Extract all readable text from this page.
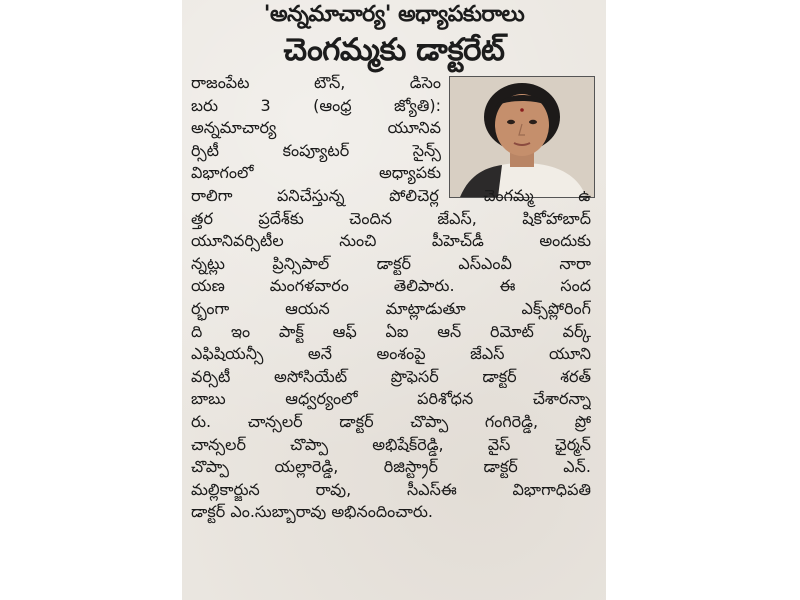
'అన్నమాచార్య' అధ్యాపకురాలు
చెంగమ్మకు డాక్టరేట్
రాజంపేట టౌన్, డిసెం
బరు 3 (ఆంధ్ర జ్యోతి):
అన్నమాచార్య యూనివ
ర్సిటీ కంప్యూటర్ సైన్స్
విభాగంలో అధ్యాపకు
రాలిగా పనిచేస్తున్న పోలిచెర్ల చెంగమ్మ ఉ
త్తర ప్రదేశ్‌కు చెందిన జేఎస్, షికోహాబాద్
యూనివర్సిటీల నుంచి పీహెచ్‌డీ అందుకు
న్నట్లు ప్రిన్సిపాల్ డాక్టర్ ఎస్ఎంవీ నారా
యణ మంగళవారం తెలిపారు. ఈ సంద
ర్భంగా ఆయన మాట్లాడుతూ ఎక్స్‌ప్లోరింగ్
ది ఇం పాక్ట్ ఆఫ్ ఏఐ ఆన్ రిమోట్ వర్క్
ఎఫిషియన్సీ అనే అంశంపై జేఎస్ యూని
వర్సిటీ అసోసియేట్ ప్రొఫెసర్ డాక్టర్ శరత్
బాబు ఆధ్వర్యంలో పరిశోధన చేశారన్నా
రు. చాన్సలర్ డాక్టర్ చొప్పా గంగిరెడ్డి, ప్రో
చాన్సలర్ చొప్పా అభిషేక్‌రెడ్డి, వైస్ ఛైర్మన్
చొప్పా యల్లారెడ్డి, రిజిస్ట్రార్ డాక్టర్ ఎన్.
మల్లికార్జున రావు, సీఎస్ఈ విభాగాధిపతి
డాక్టర్ ఎం.సుబ్బారావు అభినందించారు.
